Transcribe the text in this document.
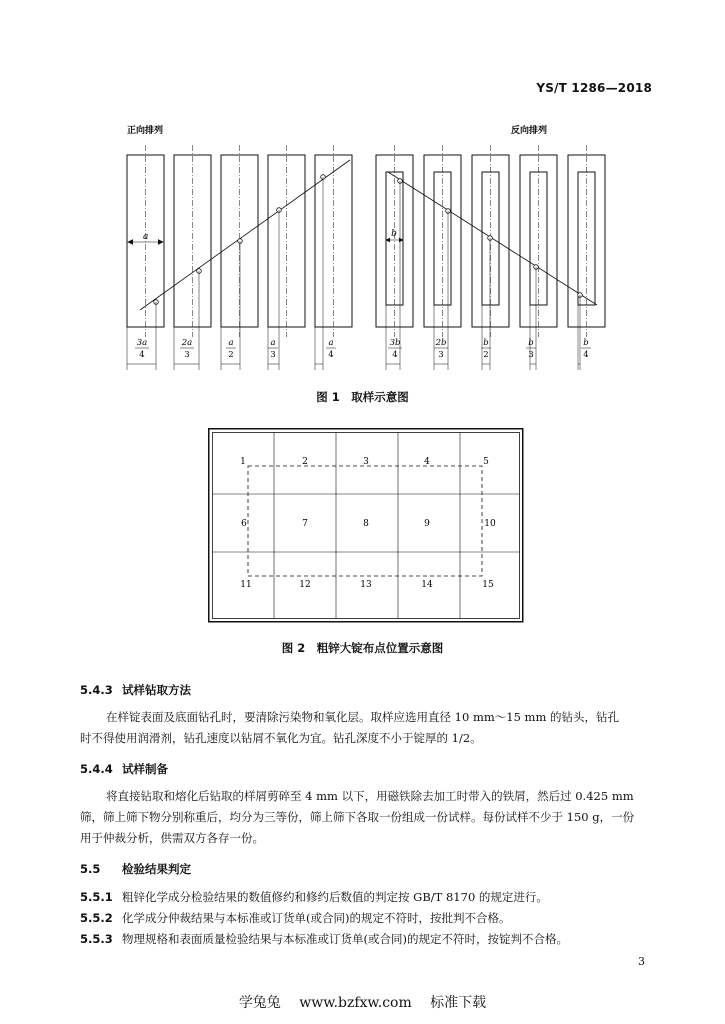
YS/T 1286—2018
正向排列	反向排列
a
3a
4
2a
3
a
2
a
3
a
4
b
3b
4
2b
3
b
2
b
3
b
4
图 1　取样示意图
1	2	3	4	5
6	7	8	9	10
11	12	13	14	15
图 2　粗锌大锭布点位置示意图
5.4.3 试样钻取方法
在样锭表面及底面钻孔时，要清除污染物和氧化层。取样应选用直径 10 mm～15 mm 的钻头，钻孔
时不得使用润滑剂，钻孔速度以钻屑不氧化为宜。钻孔深度不小于锭厚的 1/2。
5.4.4 试样制备
将直接钻取和熔化后钻取的样屑剪碎至 4 mm 以下，用磁铁除去加工时带入的铁屑，然后过 0.425 mm
筛，筛上筛下物分别称重后，均分为三等份，筛上筛下各取一份组成一份试样。每份试样不少于 150 g，一份
用于仲裁分析，供需双方各存一份。
5.5 检验结果判定
5.5.1 粗锌化学成分检验结果的数值修约和修约后数值的判定按 GB/T 8170 的规定进行。
5.5.2 化学成分仲裁结果与本标准或订货单(或合同)的规定不符时，按批判不合格。
5.5.3 物理规格和表面质量检验结果与本标准或订货单(或合同)的规定不符时，按锭判不合格。
3
学兔兔　 www.bzfxw.com　 标准下载
